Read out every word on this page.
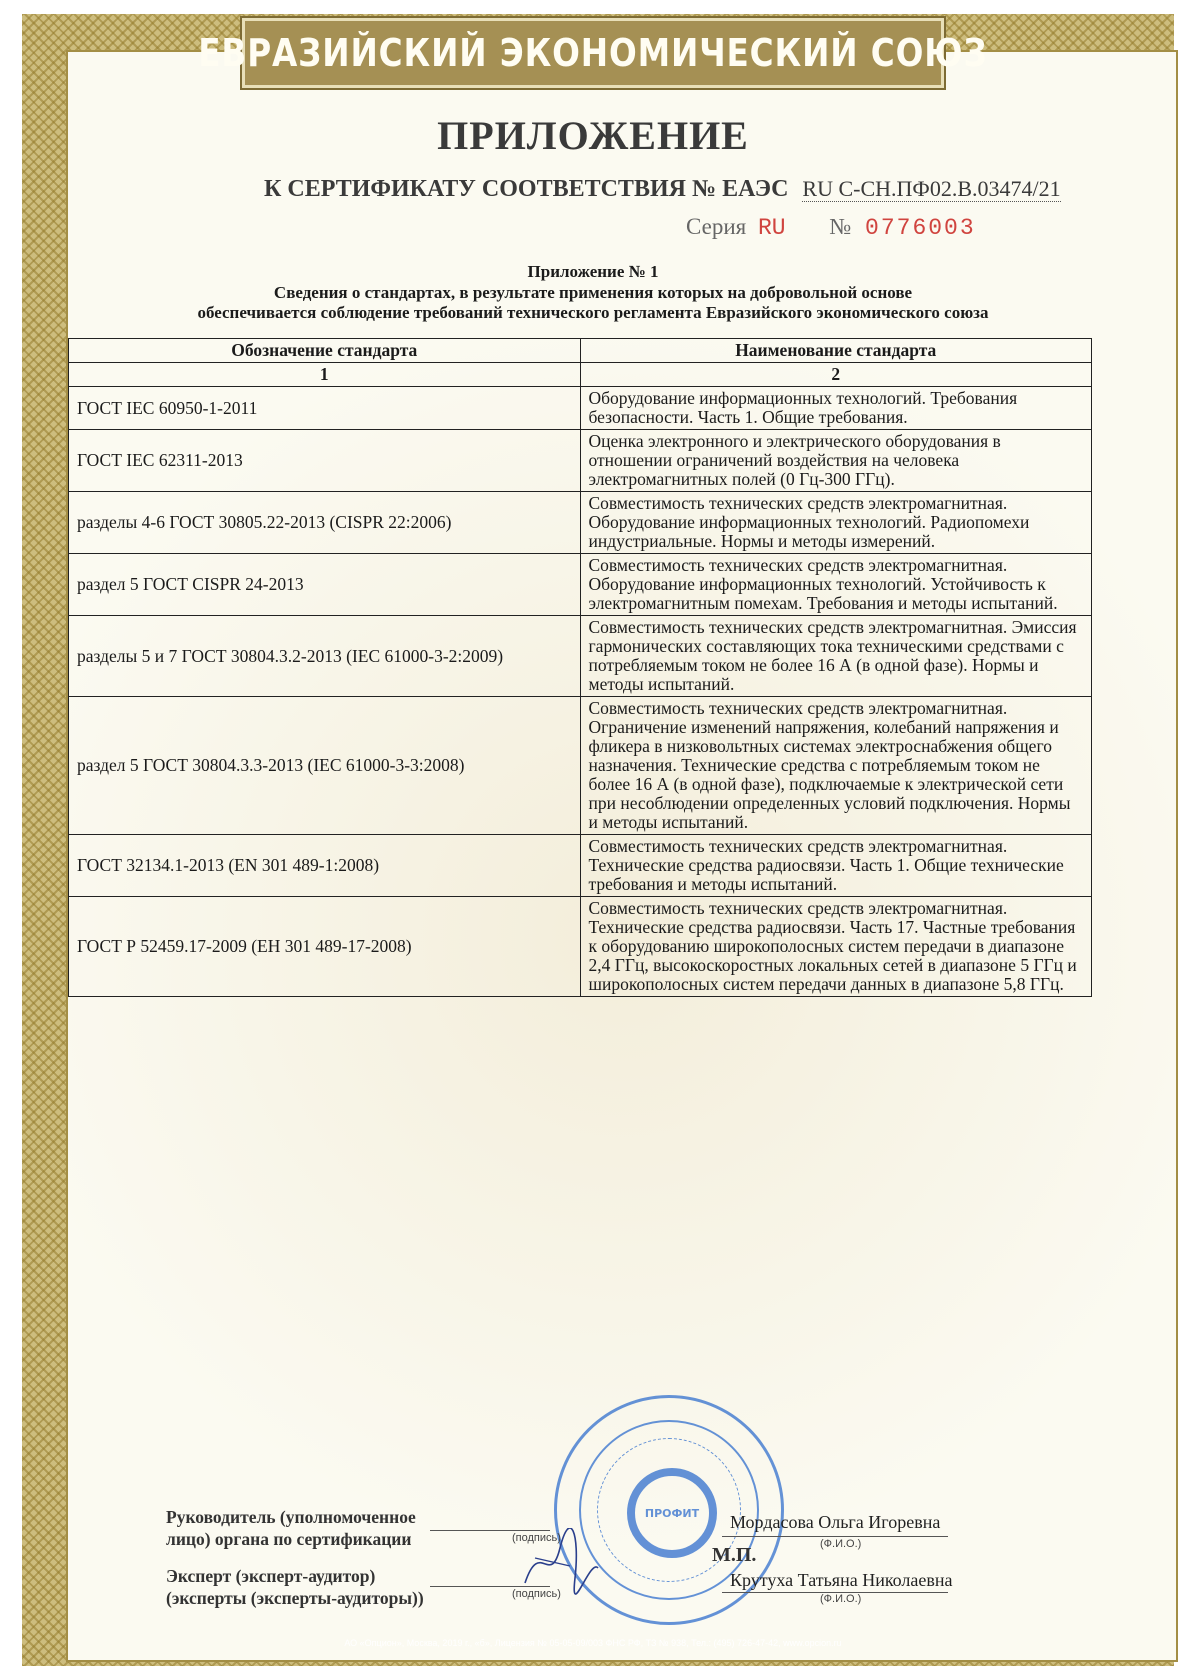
ЕВРАЗИЙСКИЙ ЭКОНОМИЧЕСКИЙ СОЮЗ
ПРИЛОЖЕНИЕ
К СЕРТИФИКАТУ СООТВЕТСТВИЯ № ЕАЭС RU C-CH.ПФ02.В.03474/21
Серия RU № 0776003
Приложение № 1
Сведения о стандартах, в результате применения которых на добровольной основе
обеспечивается соблюдение требований технического регламента Евразийского экономического союза
Обозначение стандарта	Наименование стандарта
1	2
ГОСТ IEC 60950-1-2011	Оборудование информационных технологий. Требования безопасности. Часть 1. Общие требования.
ГОСТ IEC 62311-2013	Оценка электронного и электрического оборудования в отношении ограничений воздействия на человека электромагнитных полей (0 Гц-300 ГГц).
разделы 4-6 ГОСТ 30805.22-2013 (CISPR 22:2006)	Совместимость технических средств электромагнитная. Оборудование информационных технологий. Радиопомехи индустриальные. Нормы и методы измерений.
раздел 5 ГОСТ CISPR 24-2013	Совместимость технических средств электромагнитная. Оборудование информационных технологий. Устойчивость к электромагнитным помехам. Требования и методы испытаний.
разделы 5 и 7 ГОСТ 30804.3.2-2013 (IEC 61000-3-2:2009)	Совместимость технических средств электромагнитная. Эмиссия гармонических составляющих тока техническими средствами с потребляемым током не более 16 А (в одной фазе). Нормы и методы испытаний.
раздел 5 ГОСТ 30804.3.3-2013 (IEC 61000-3-3:2008)	Совместимость технических средств электромагнитная. Ограничение изменений напряжения, колебаний напряжения и фликера в низковольтных системах электроснабжения общего назначения. Технические средства с потребляемым током не более 16 А (в одной фазе), подключаемые к электрической сети при несоблюдении определенных условий подключения. Нормы и методы испытаний.
ГОСТ 32134.1-2013 (EN 301 489-1:2008)	Совместимость технических средств электромагнитная. Технические средства радиосвязи. Часть 1. Общие технические требования и методы испытаний.
ГОСТ Р 52459.17-2009 (ЕН 301 489-17-2008)	Совместимость технических средств электромагнитная. Технические средства радиосвязи. Часть 17. Частные требования к оборудованию широкополосных систем передачи в диапазоне 2,4 ГГц, высокоскоростных локальных сетей в диапазоне 5 ГГц и широкополосных систем передачи данных в диапазоне 5,8 ГГц.
ПРОФИТ
Руководитель (уполномоченное лицо) органа по сертификации	(подпись)
Мордасова Ольга Игоревна
(Ф.И.О.)
М.П.
Эксперт (эксперт-аудитор) (эксперты (эксперты-аудиторы))	(подпись)
Крутуха Татьяна Николаевна
(Ф.И.О.)
АО «Опцион», Москва, 2019 г., «б», Лицензия № 05-05-09/003 ФНС РФ, ТЗ № 938, Тел.: (495) 726-47-42, www.opcion.ru
